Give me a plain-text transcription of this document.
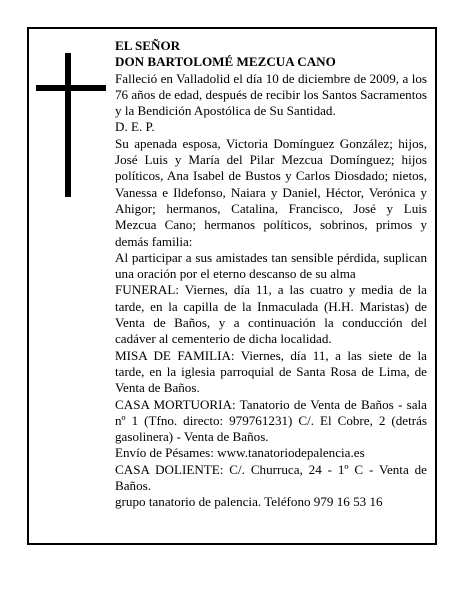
EL SEÑOR

DON BARTOLOMÉ MEZCUA CANO

Falleció en Valladolid el día 10 de diciembre de 2009, a los 76 años de edad, después de recibir los Santos Sacramentos y la Bendición Apostólica de Su Santidad.

D. E. P.

Su apenada esposa, Victoria Domínguez González; hijos, José Luis y María del Pilar Mezcua Domínguez; hijos políticos, Ana Isabel de Bustos y Carlos Diosdado; nietos, Vanessa e Ildefonso, Naiara y Daniel, Héctor, Verónica y Ahigor; hermanos, Catalina, Francisco, José y Luis Mezcua Cano; hermanos políticos, sobrinos, primos y demás familia:

Al participar a sus amistades tan sensible pérdida, suplican una oración por el eterno descanso de su alma

FUNERAL: Viernes, día 11, a las cuatro y media de la tarde, en la capilla de la Inmaculada (H.H. Maristas) de Venta de Baños, y a continuación la conducción del cadáver al cementerio de dicha localidad.

MISA DE FAMILIA: Viernes, día 11, a las siete de la tarde, en la iglesia parroquial de Santa Rosa de Lima, de Venta de Baños.

CASA MORTUORIA: Tanatorio de Venta de Baños - sala nº 1 (Tfno. directo: 979761231) C/. El Cobre, 2 (detrás gasolinera) - Venta de Baños.

Envío de Pésames: www.tanatoriodepalencia.es

CASA DOLIENTE: C/. Churruca, 24 - 1º C - Venta de Baños.

grupo tanatorio de palencia. Teléfono 979 16 53 16
